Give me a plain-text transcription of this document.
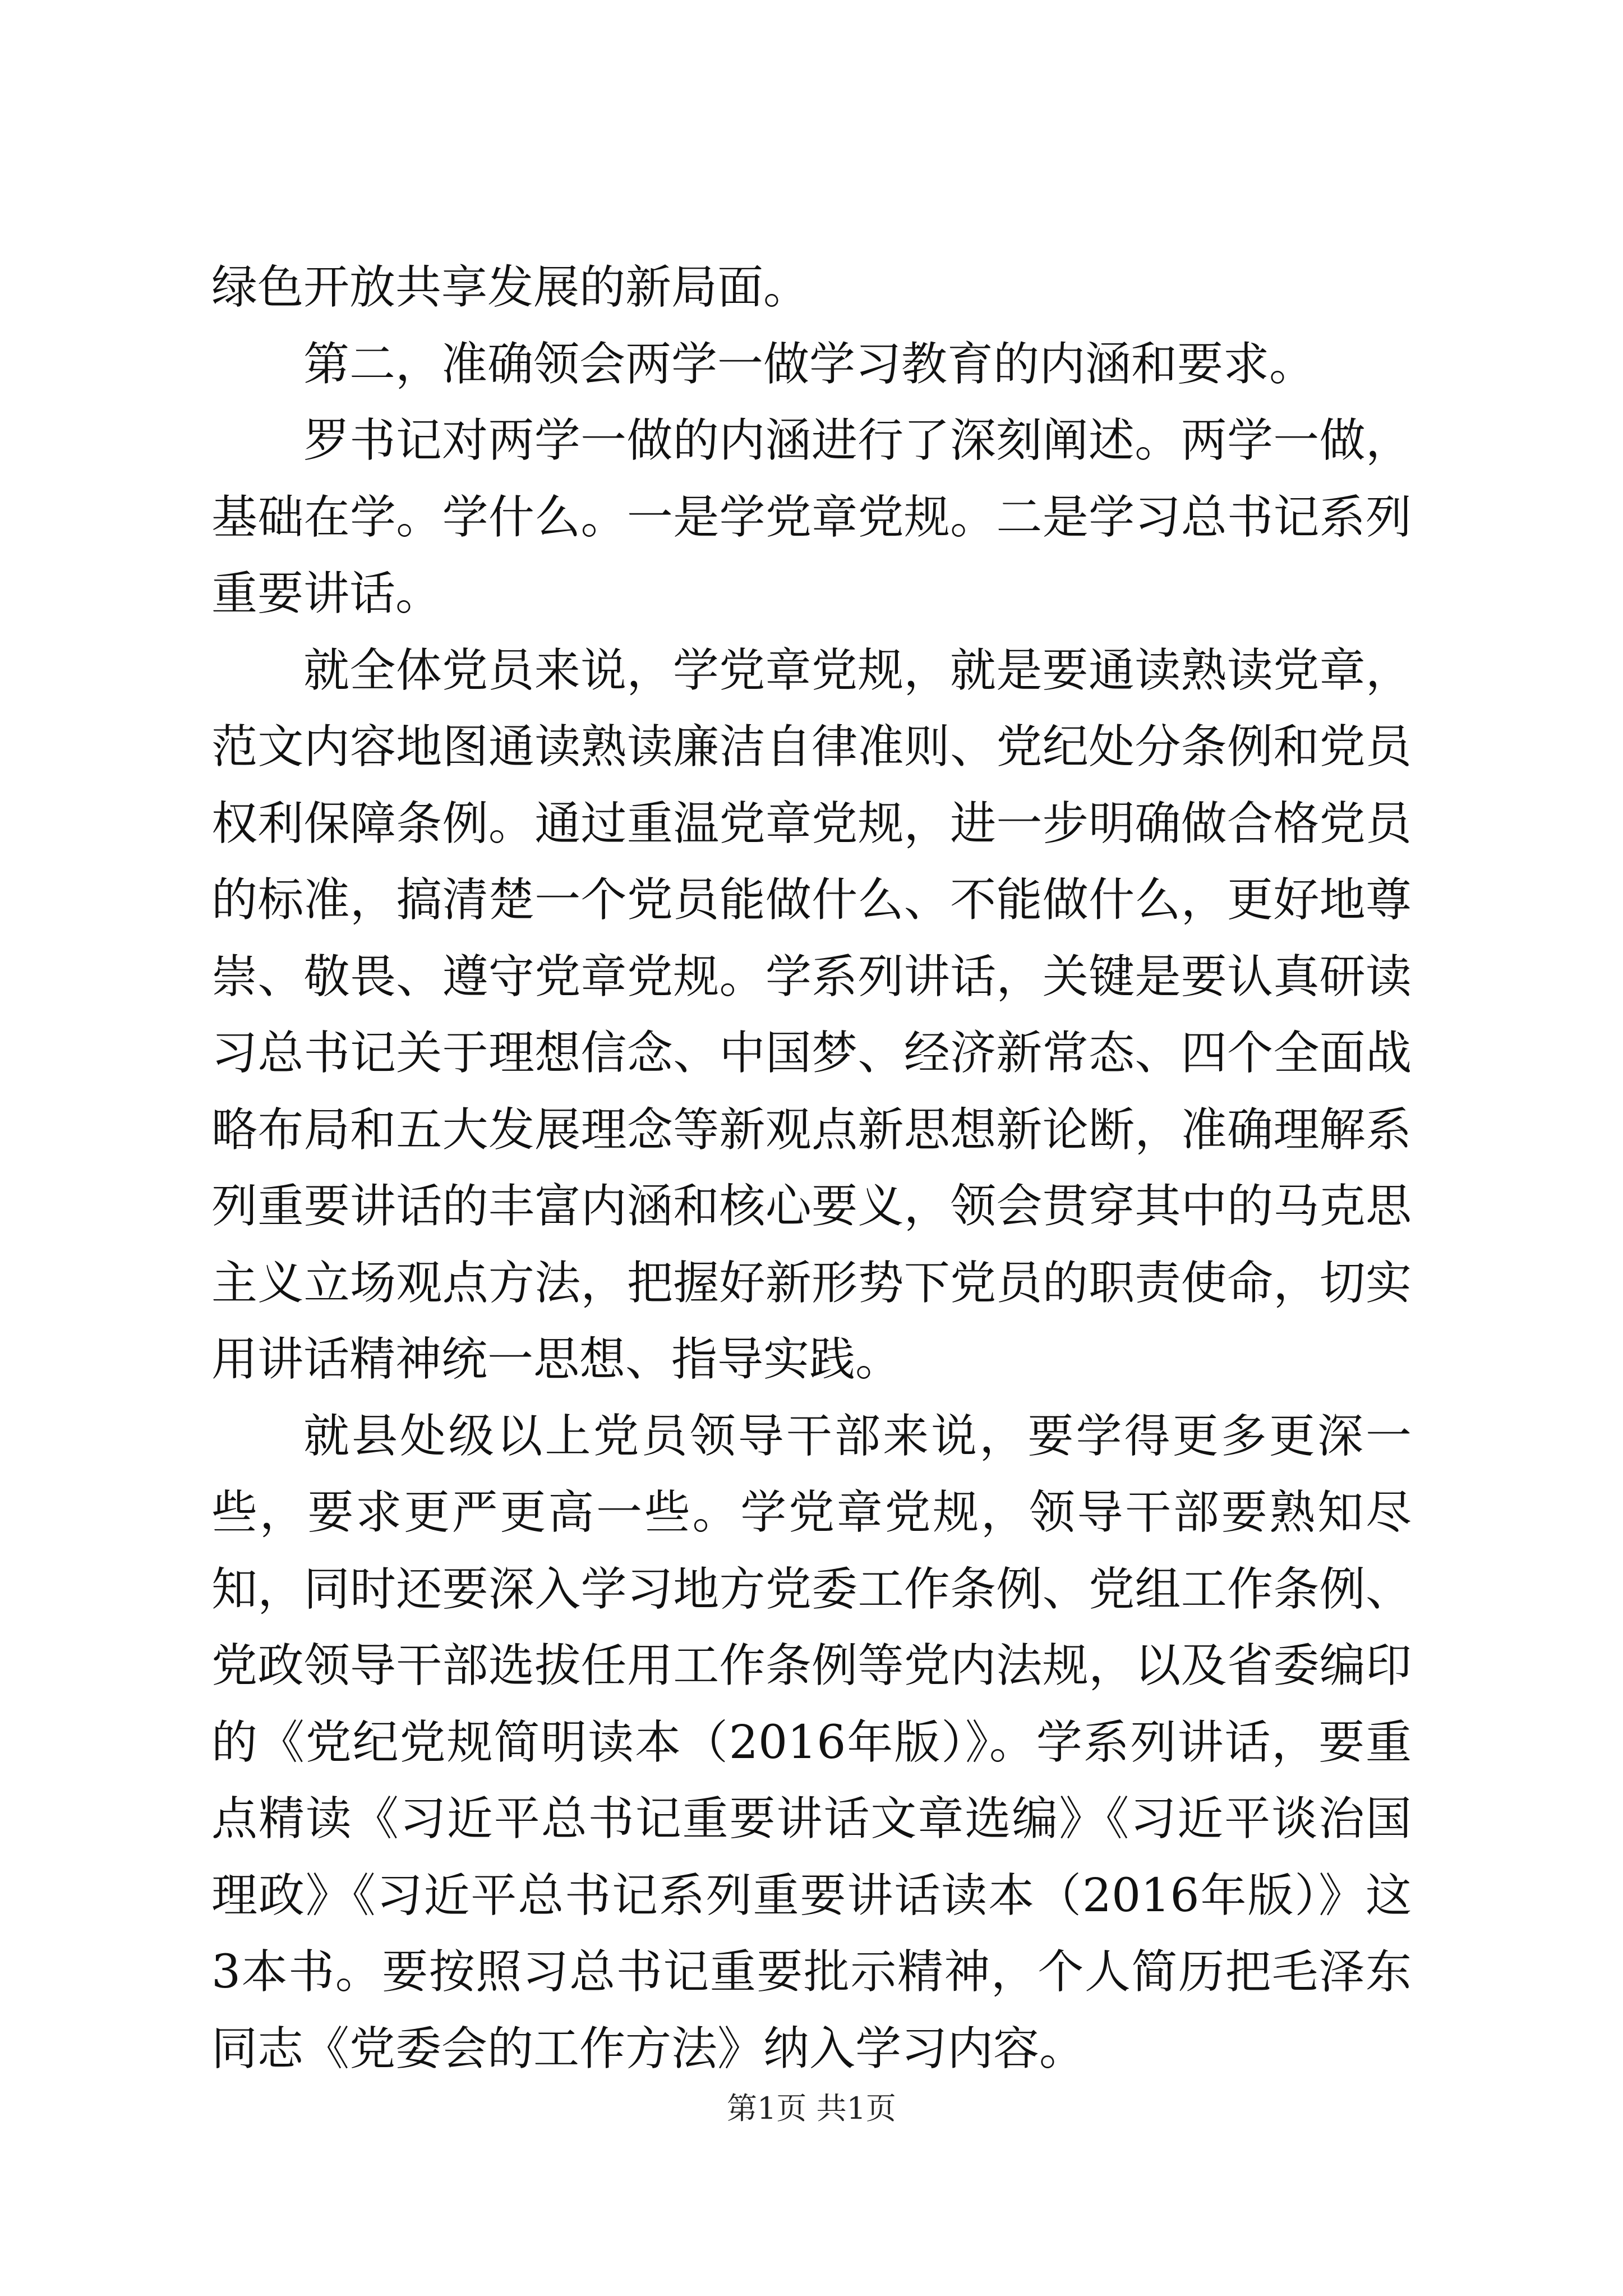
绿色开放共享发展的新局面。

第二，准确领会两学一做学习教育的内涵和要求。

罗书记对两学一做的内涵进行了深刻阐述。两学一做，基础在学。学什么。一是学党章党规。二是学习总书记系列重要讲话。

就全体党员来说，学党章党规，就是要通读熟读党章，范文内容地图通读熟读廉洁自律准则、党纪处分条例和党员权利保障条例。通过重温党章党规，进一步明确做合格党员的标准，搞清楚一个党员能做什么、不能做什么，更好地尊崇、敬畏、遵守党章党规。学系列讲话，关键是要认真研读习总书记关于理想信念、中国梦、经济新常态、四个全面战略布局和五大发展理念等新观点新思想新论断，准确理解系列重要讲话的丰富内涵和核心要义，领会贯穿其中的马克思主义立场观点方法，把握好新形势下党员的职责使命，切实用讲话精神统一思想、指导实践。

就县处级以上党员领导干部来说，要学得更多更深一些，要求更严更高一些。学党章党规，领导干部要熟知尽知，同时还要深入学习地方党委工作条例、党组工作条例、党政领导干部选拔任用工作条例等党内法规，以及省委编印的《党纪党规简明读本（2016年版）》。学系列讲话，要重点精读《习近平总书记重要讲话文章选编》《习近平谈治国理政》《习近平总书记系列重要讲话读本（2016年版）》这3本书。要按照习总书记重要批示精神，个人简历把毛泽东同志《党委会的工作方法》纳入学习内容。

第1页 共1页
